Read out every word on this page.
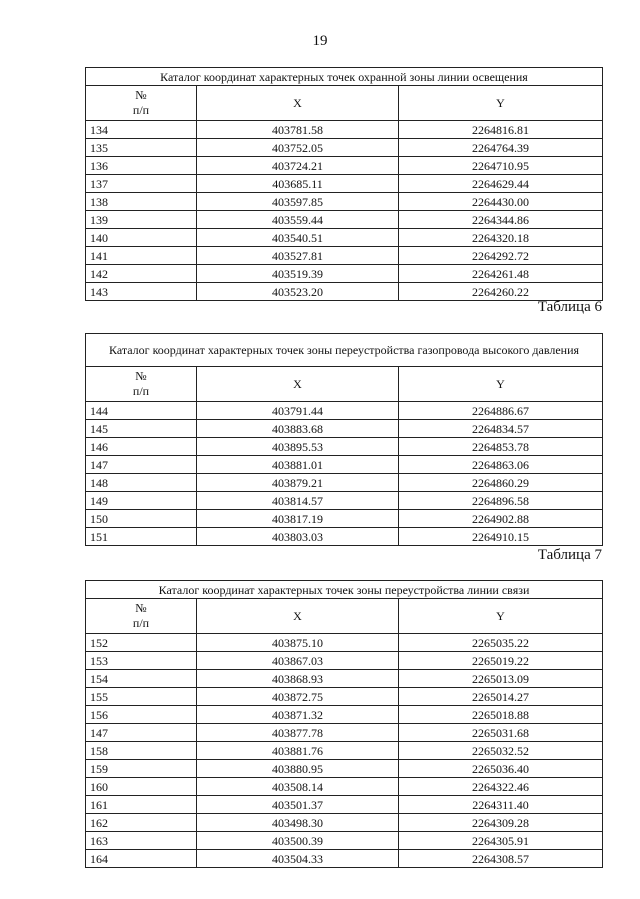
19
Каталог координат характерных точек охранной зоны линии освещения		
№
п/п	X	Y
134	403781.58	2264816.81
135	403752.05	2264764.39
136	403724.21	2264710.95
137	403685.11	2264629.44
138	403597.85	2264430.00
139	403559.44	2264344.86
140	403540.51	2264320.18
141	403527.81	2264292.72
142	403519.39	2264261.48
143	403523.20	2264260.22
Таблица 6
Каталог координат характерных точек зоны переустройства газопровода высокого давления		
№
п/п	X	Y
144	403791.44	2264886.67
145	403883.68	2264834.57
146	403895.53	2264853.78
147	403881.01	2264863.06
148	403879.21	2264860.29
149	403814.57	2264896.58
150	403817.19	2264902.88
151	403803.03	2264910.15
Таблица 7
Каталог координат характерных точек зоны переустройства линии связи		
№
п/п	X	Y
152	403875.10	2265035.22
153	403867.03	2265019.22
154	403868.93	2265013.09
155	403872.75	2265014.27
156	403871.32	2265018.88
147	403877.78	2265031.68
158	403881.76	2265032.52
159	403880.95	2265036.40
160	403508.14	2264322.46
161	403501.37	2264311.40
162	403498.30	2264309.28
163	403500.39	2264305.91
164	403504.33	2264308.57
